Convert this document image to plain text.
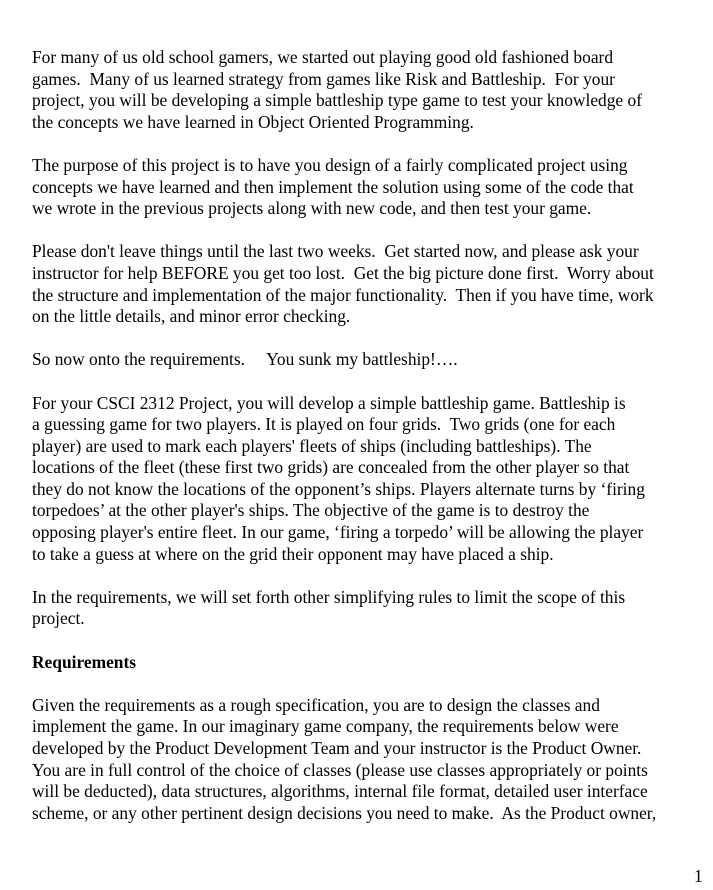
For many of us old school gamers, we started out playing good old fashioned board
games.  Many of us learned strategy from games like Risk and Battleship.  For your
project, you will be developing a simple battleship type game to test your knowledge of
the concepts we have learned in Object Oriented Programming.
The purpose of this project is to have you design of a fairly complicated project using
concepts we have learned and then implement the solution using some of the code that
we wrote in the previous projects along with new code, and then test your game.
Please don't leave things until the last two weeks.  Get started now, and please ask your
instructor for help BEFORE you get too lost.  Get the big picture done first.  Worry about
the structure and implementation of the major functionality.  Then if you have time, work
on the little details, and minor error checking.
So now onto the requirements.     You sunk my battleship!….
For your CSCI 2312 Project, you will develop a simple battleship game. Battleship is
a guessing game for two players. It is played on four grids.  Two grids (one for each
player) are used to mark each players' fleets of ships (including battleships). The
locations of the fleet (these first two grids) are concealed from the other player so that
they do not know the locations of the opponent’s ships. Players alternate turns by ‘firing
torpedoes’ at the other player's ships. The objective of the game is to destroy the
opposing player's entire fleet. In our game, ‘firing a torpedo’ will be allowing the player
to take a guess at where on the grid their opponent may have placed a ship.
In the requirements, we will set forth other simplifying rules to limit the scope of this
project.
Requirements
Given the requirements as a rough specification, you are to design the classes and
implement the game. In our imaginary game company, the requirements below were
developed by the Product Development Team and your instructor is the Product Owner.
You are in full control of the choice of classes (please use classes appropriately or points
will be deducted), data structures, algorithms, internal file format, detailed user interface
scheme, or any other pertinent design decisions you need to make.  As the Product owner,
1
